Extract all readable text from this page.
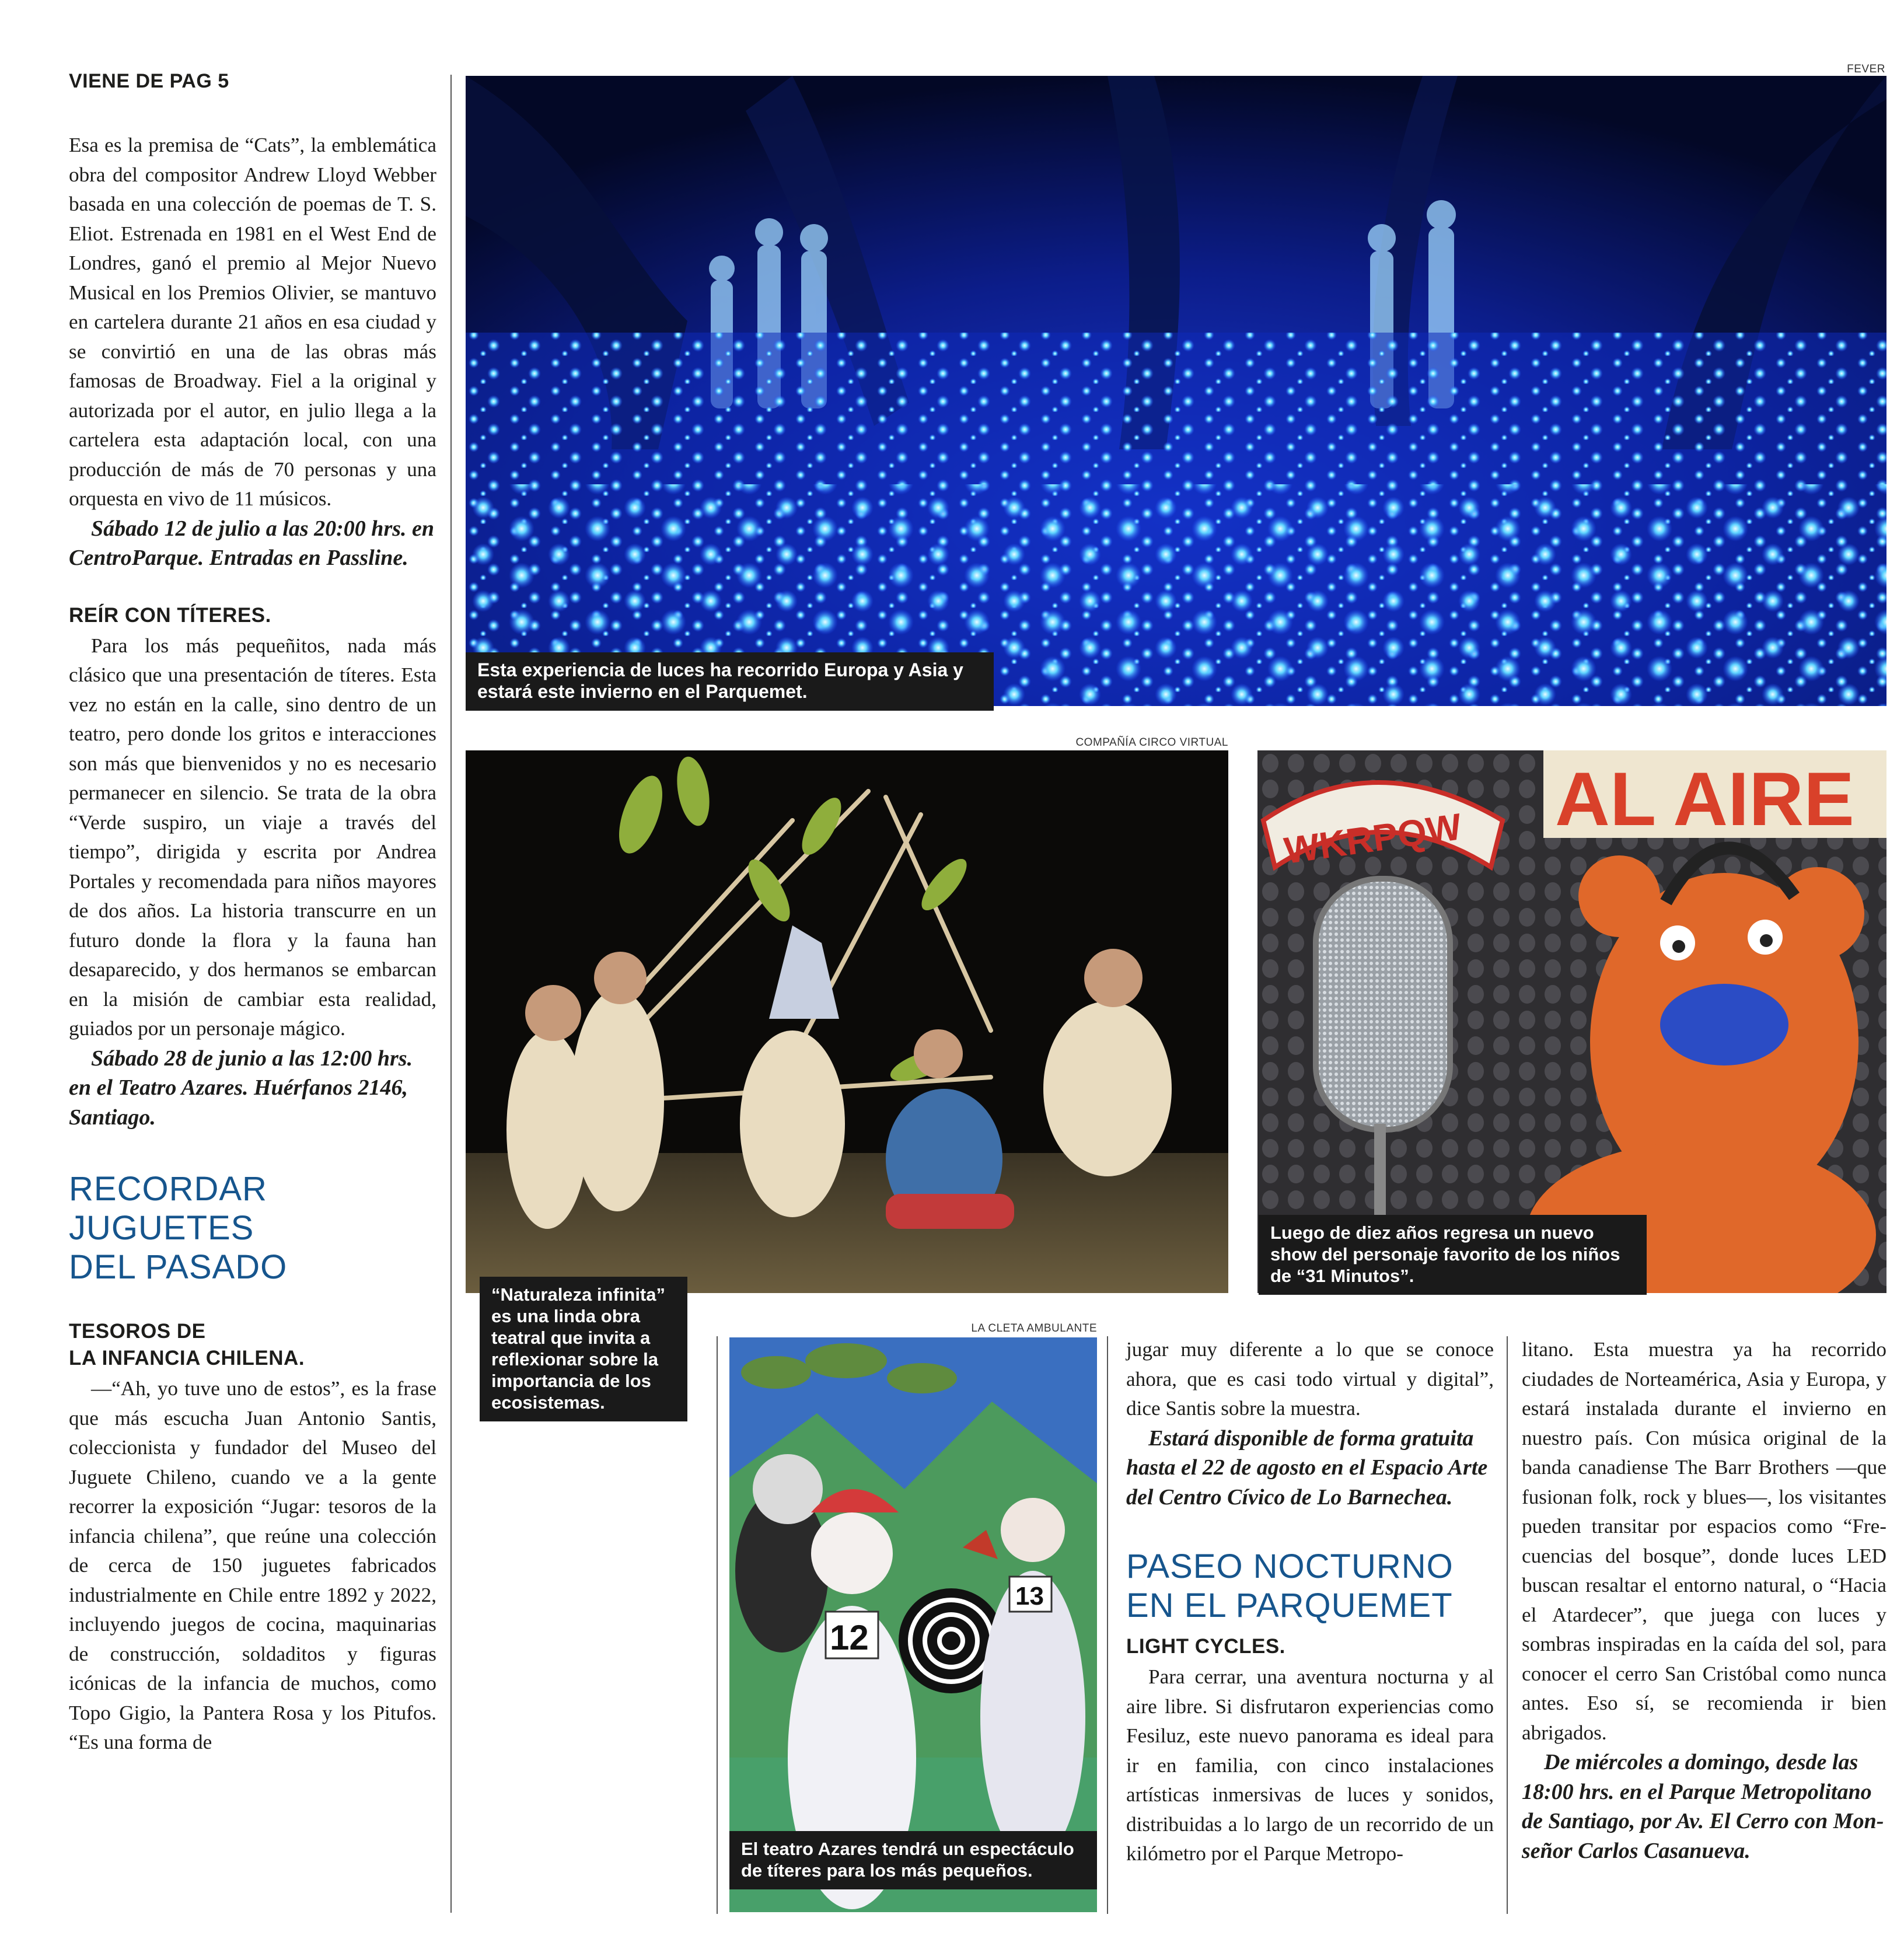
VIENE DE PAG 5

Esa es la premisa de “Cats”, la emblemática obra del compositor Andrew Lloyd Webber basada en una colección de poemas de T. S. Eliot. Estrenada en 1981 en el West End de Londres, ganó el premio al Mejor Nuevo Musical en los Premios Olivier, se mantuvo en cartelera durante 21 años en esa ciudad y se convirtió en una de las obras más famosas de Broadway. Fiel a la original y autorizada por el autor, en julio llega a la cartelera esta adaptación local, con una producción de más de 70 personas y una orquesta en vivo de 11 músicos.

Sábado 12 de julio a las 20:00 hrs. en CentroParque. Entradas en Passline.

REÍR CON TÍTERES.

Para los más pequeñitos, nada más clásico que una presentación de títeres. Esta vez no están en la calle, sino dentro de un teatro, pero donde los gritos e interacciones son más que bienvenidos y no es necesario permanecer en silencio. Se trata de la obra “Verde suspiro, un viaje a través del tiempo”, dirigida y escrita por Andrea Portales y recomendada para niños mayores de dos años. La historia transcurre en un futuro donde la flora y la fauna han desaparecido, y dos hermanos se embarcan en la misión de cambiar esta realidad, guiados por un personaje mágico.

Sábado 28 de junio a las 12:00 hrs. en el Teatro Azares. Huérfanos 2146, Santiago.

RECORDAR
JUGUETES
DEL PASADO
TESOROS DE
LA INFANCIA CHILENA.

—“Ah, yo tuve uno de estos”, es la frase que más escucha Juan Antonio Santis, coleccionista y fundador del Museo del Juguete Chileno, cuando ve a la gente recorrer la exposición “Jugar: tesoros de la infancia chilena”, que reúne una colección de cerca de 150 juguetes fabricados industrialmente en Chile entre 1892 y 2022, incluyendo juegos de cocina, maquinarias de construcción, soldaditos y figuras icónicas de la infancia de muchos, como Topo Gigio, la Pantera Rosa y los Pitufos. “Es una forma de

FEVER
Esta experiencia de luces ha recorrido Europa y Asia y estará este invierno en el Parquemet.
COMPAÑÍA CIRCO VIRTUAL
“Naturaleza infinita” es una linda obra teatral que invita a reflexionar sobre la importancia de los ecosistemas.
AL AIRE
WKRPQW
Luego de diez años regresa un nuevo show del personaje favorito de los niños de “31 Minutos”.
LA CLETA AMBULANTE
12
13
El teatro Azares tendrá un espectáculo de títeres para los más pequeños.

jugar muy diferente a lo que se conoce ahora, que es casi todo virtual y digital”, dice Santis sobre la muestra.

Estará disponible de forma gratuita hasta el 22 de agosto en el Espacio Arte del Centro Cívico de Lo Barnechea.

PASEO NOCTURNO
EN EL PARQUEMET
LIGHT CYCLES.

Para cerrar, una aventura nocturna y al aire libre. Si disfrutaron experiencias como Fesiluz, este nuevo panorama es ideal para ir en familia, con cinco instalaciones artísticas inmersivas de luces y sonidos, distribuidas a lo largo de un recorrido de un kilómetro por el Parque Metropo-

litano. Esta muestra ya ha recorrido ciudades de Norteamérica, Asia y Europa, y estará instalada durante el invierno en nuestro país. Con música original de la banda canadiense The Barr Brothers —que fusionan folk, rock y blues—, los visitantes pueden transitar por espacios como “Frecuencias del bosque”, donde luces LED buscan resaltar el entorno natural, o “Hacia el Atardecer”, que juega con luces y sombras inspiradas en la caída del sol, para conocer el cerro San Cristóbal como nunca antes. Eso sí, se recomienda ir bien abrigados.

De miércoles a domingo, desde las 18:00 hrs. en el Parque Metropolitano de Santiago, por Av. El Cerro con Monseñor Carlos Casanueva.
